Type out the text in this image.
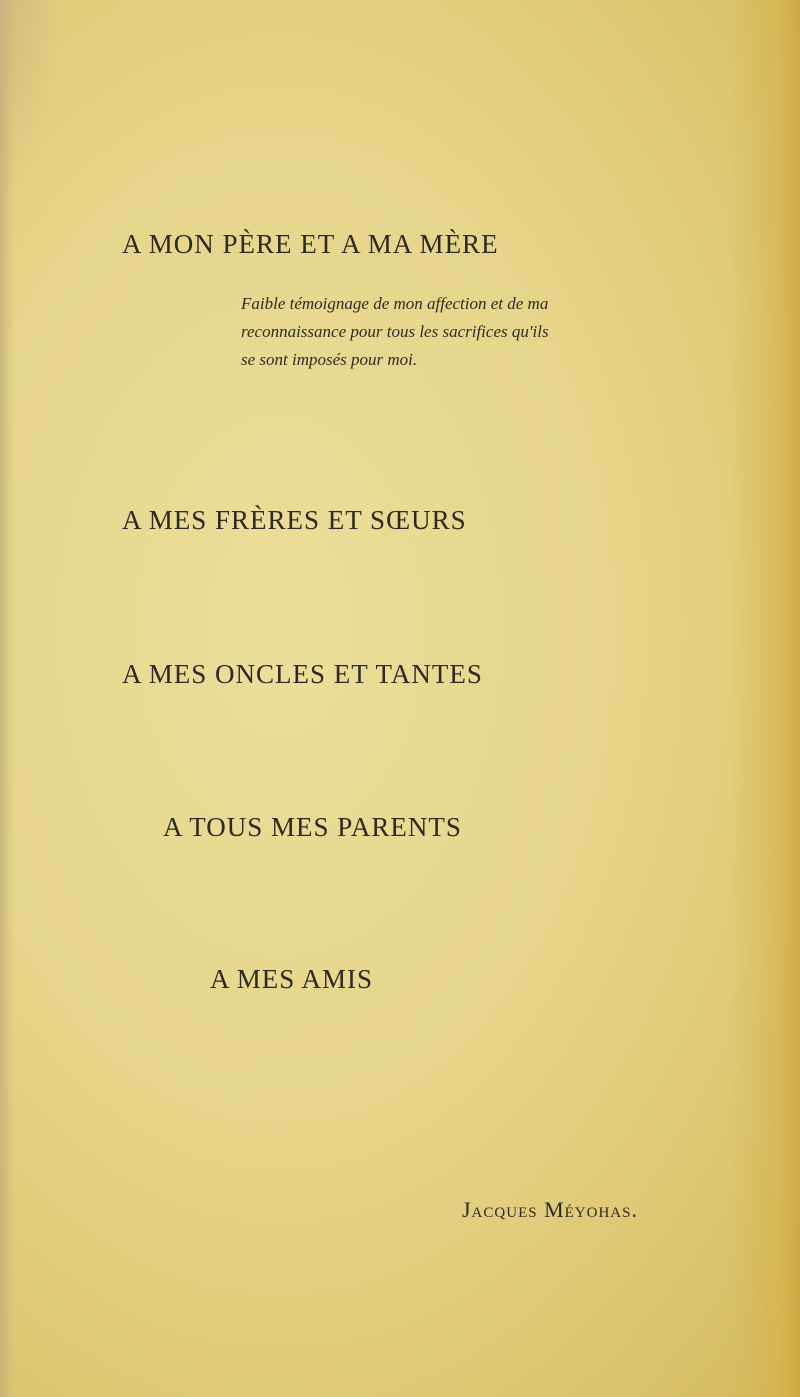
A MON PÈRE ET A MA MÈRE

Faible témoignage de mon affection et de ma
reconnaissance pour tous les sacrifices qu'ils
se sont imposés pour moi.

A MES FRÈRES ET SŒURS
A MES ONCLES ET TANTES
A TOUS MES PARENTS
A MES AMIS

Jacques Méyohas.
